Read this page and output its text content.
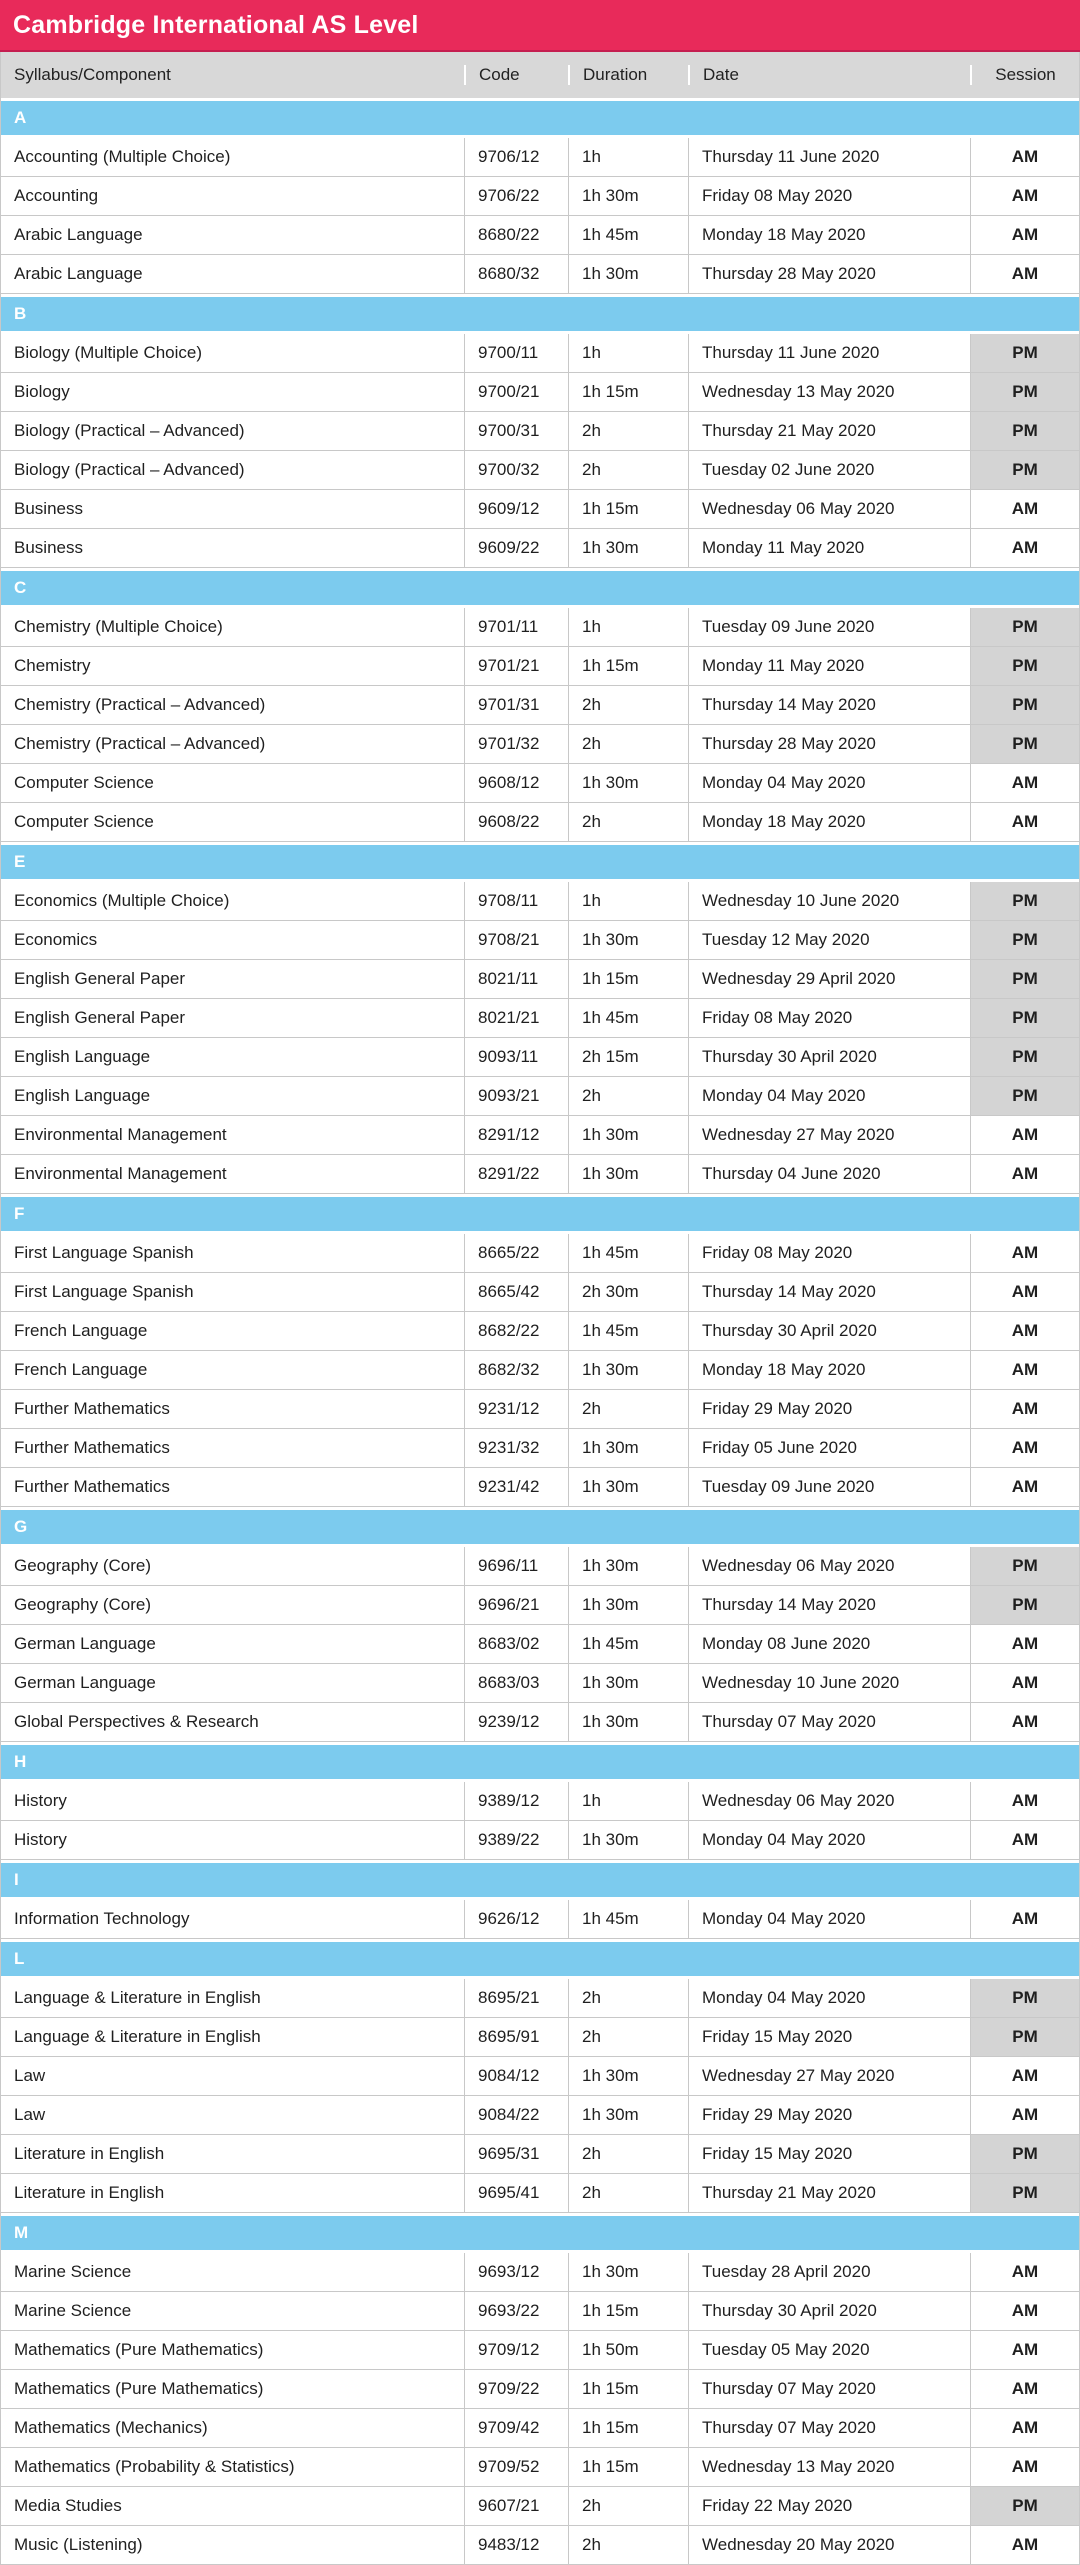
Cambridge International AS Level
Syllabus/Component	Code	Duration	Date	Session
A
Accounting (Multiple Choice)	9706/12	1h	Thursday 11 June 2020	AM
Accounting	9706/22	1h 30m	Friday 08 May 2020	AM
Arabic Language	8680/22	1h 45m	Monday 18 May 2020	AM
Arabic Language	8680/32	1h 30m	Thursday 28 May 2020	AM
B
Biology (Multiple Choice)	9700/11	1h	Thursday 11 June 2020	PM
Biology	9700/21	1h 15m	Wednesday 13 May 2020	PM
Biology (Practical – Advanced)	9700/31	2h	Thursday 21 May 2020	PM
Biology (Practical – Advanced)	9700/32	2h	Tuesday 02 June 2020	PM
Business	9609/12	1h 15m	Wednesday 06 May 2020	AM
Business	9609/22	1h 30m	Monday 11 May 2020	AM
C
Chemistry (Multiple Choice)	9701/11	1h	Tuesday 09 June 2020	PM
Chemistry	9701/21	1h 15m	Monday 11 May 2020	PM
Chemistry (Practical – Advanced)	9701/31	2h	Thursday 14 May 2020	PM
Chemistry (Practical – Advanced)	9701/32	2h	Thursday 28 May 2020	PM
Computer Science	9608/12	1h 30m	Monday 04 May 2020	AM
Computer Science	9608/22	2h	Monday 18 May 2020	AM
E
Economics (Multiple Choice)	9708/11	1h	Wednesday 10 June 2020	PM
Economics	9708/21	1h 30m	Tuesday 12 May 2020	PM
English General Paper	8021/11	1h 15m	Wednesday 29 April 2020	PM
English General Paper	8021/21	1h 45m	Friday 08 May 2020	PM
English Language	9093/11	2h 15m	Thursday 30 April 2020	PM
English Language	9093/21	2h	Monday 04 May 2020	PM
Environmental Management	8291/12	1h 30m	Wednesday 27 May 2020	AM
Environmental Management	8291/22	1h 30m	Thursday 04 June 2020	AM
F
First Language Spanish	8665/22	1h 45m	Friday 08 May 2020	AM
First Language Spanish	8665/42	2h 30m	Thursday 14 May 2020	AM
French Language	8682/22	1h 45m	Thursday 30 April 2020	AM
French Language	8682/32	1h 30m	Monday 18 May 2020	AM
Further Mathematics	9231/12	2h	Friday 29 May 2020	AM
Further Mathematics	9231/32	1h 30m	Friday 05 June 2020	AM
Further Mathematics	9231/42	1h 30m	Tuesday 09 June 2020	AM
G
Geography (Core)	9696/11	1h 30m	Wednesday 06 May 2020	PM
Geography (Core)	9696/21	1h 30m	Thursday 14 May 2020	PM
German Language	8683/02	1h 45m	Monday 08 June 2020	AM
German Language	8683/03	1h 30m	Wednesday 10 June 2020	AM
Global Perspectives & Research	9239/12	1h 30m	Thursday 07 May 2020	AM
H
History	9389/12	1h	Wednesday 06 May 2020	AM
History	9389/22	1h 30m	Monday 04 May 2020	AM
I
Information Technology	9626/12	1h 45m	Monday 04 May 2020	AM
L
Language & Literature in English	8695/21	2h	Monday 04 May 2020	PM
Language & Literature in English	8695/91	2h	Friday 15 May 2020	PM
Law	9084/12	1h 30m	Wednesday 27 May 2020	AM
Law	9084/22	1h 30m	Friday 29 May 2020	AM
Literature in English	9695/31	2h	Friday 15 May 2020	PM
Literature in English	9695/41	2h	Thursday 21 May 2020	PM
M
Marine Science	9693/12	1h 30m	Tuesday 28 April 2020	AM
Marine Science	9693/22	1h 15m	Thursday 30 April 2020	AM
Mathematics (Pure Mathematics)	9709/12	1h 50m	Tuesday 05 May 2020	AM
Mathematics (Pure Mathematics)	9709/22	1h 15m	Thursday 07 May 2020	AM
Mathematics (Mechanics)	9709/42	1h 15m	Thursday 07 May 2020	AM
Mathematics (Probability & Statistics)	9709/52	1h 15m	Wednesday 13 May 2020	AM
Media Studies	9607/21	2h	Friday 22 May 2020	PM
Music (Listening)	9483/12	2h	Wednesday 20 May 2020	AM
